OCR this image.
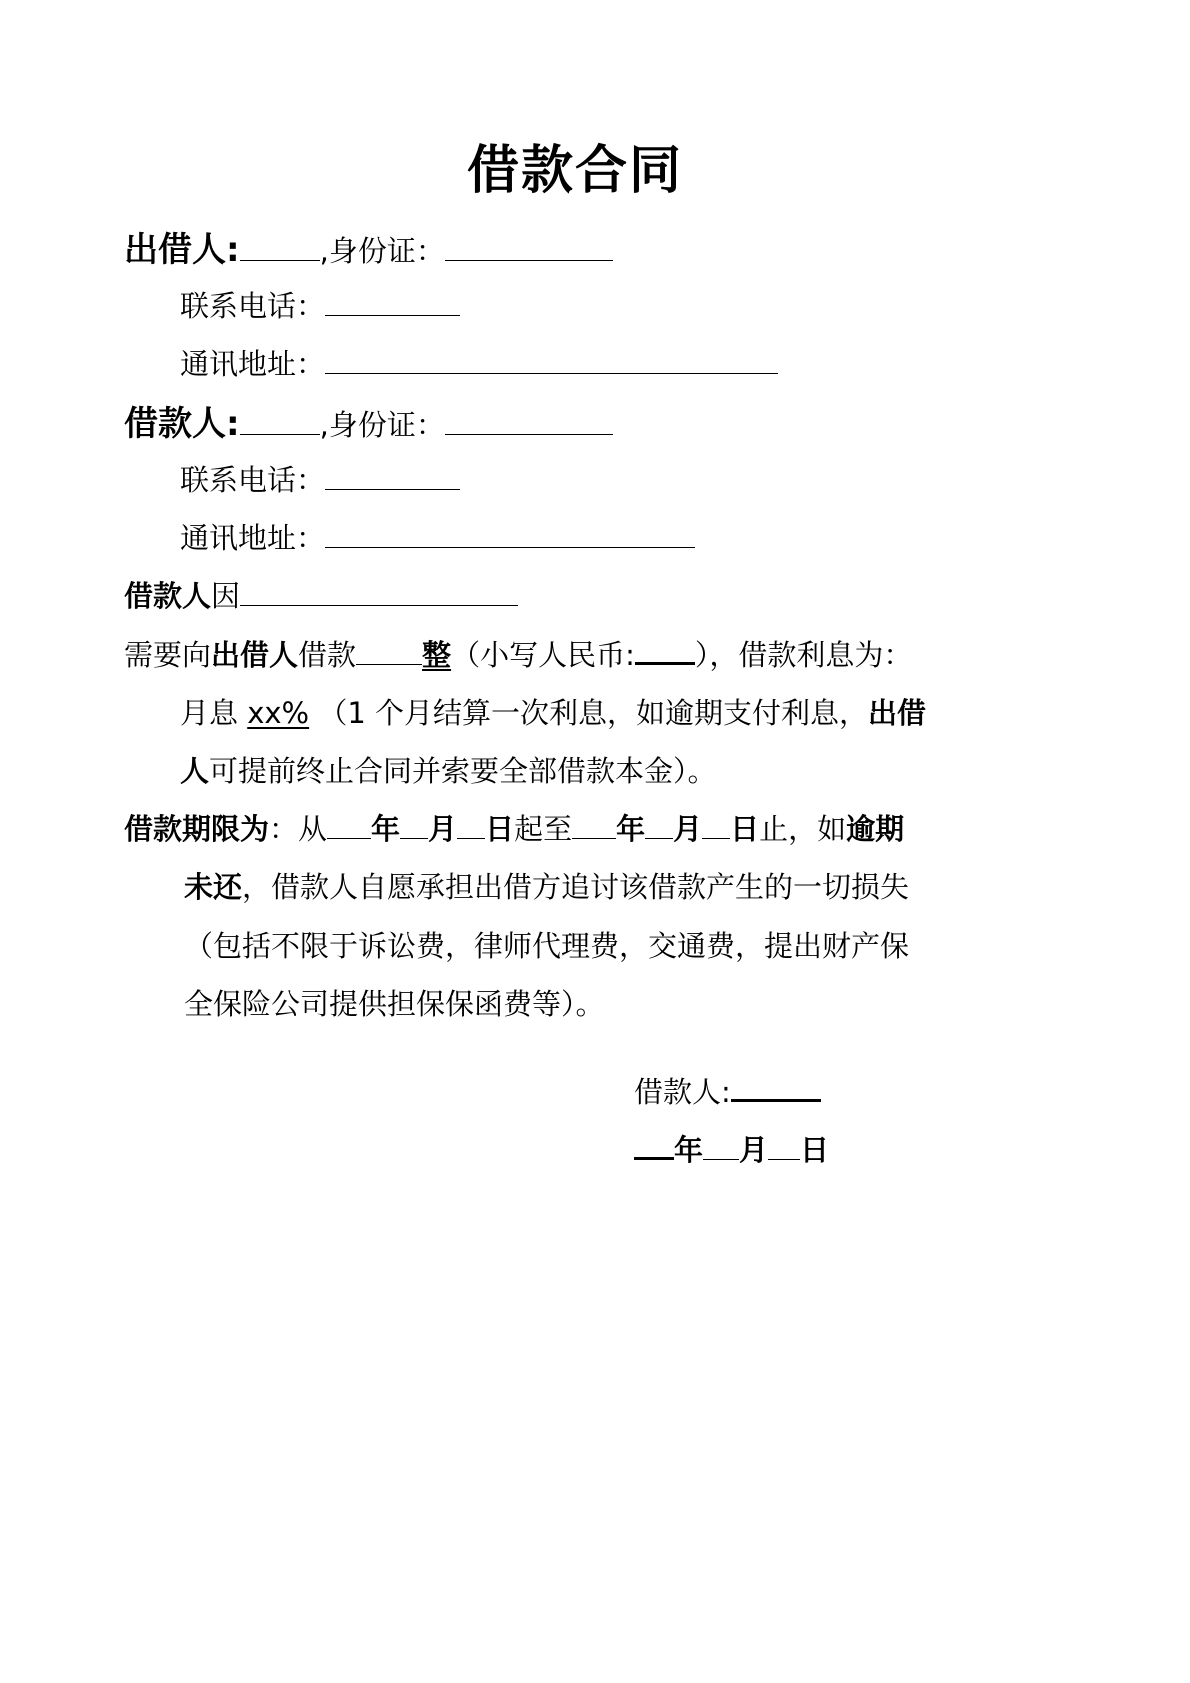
借款合同
出借人:	,身份证：
联系电话：
通讯地址：
借款人:	,身份证：
联系电话：
通讯地址：
借款人因
需要向出借人借款 整（小写人民币: ），借款利息为：
月息 xx% （1 个月结算一次利息，如逾期支付利息，出借
人可提前终止合同并索要全部借款本金）。
借款期限为：从 年 月 日起至 年 月 日止，如逾期
未还，借款人自愿承担出借方追讨该借款产生的一切损失
（包括不限于诉讼费，律师代理费，交通费，提出财产保
全保险公司提供担保保函费等）。
借款人:
年 月 日
